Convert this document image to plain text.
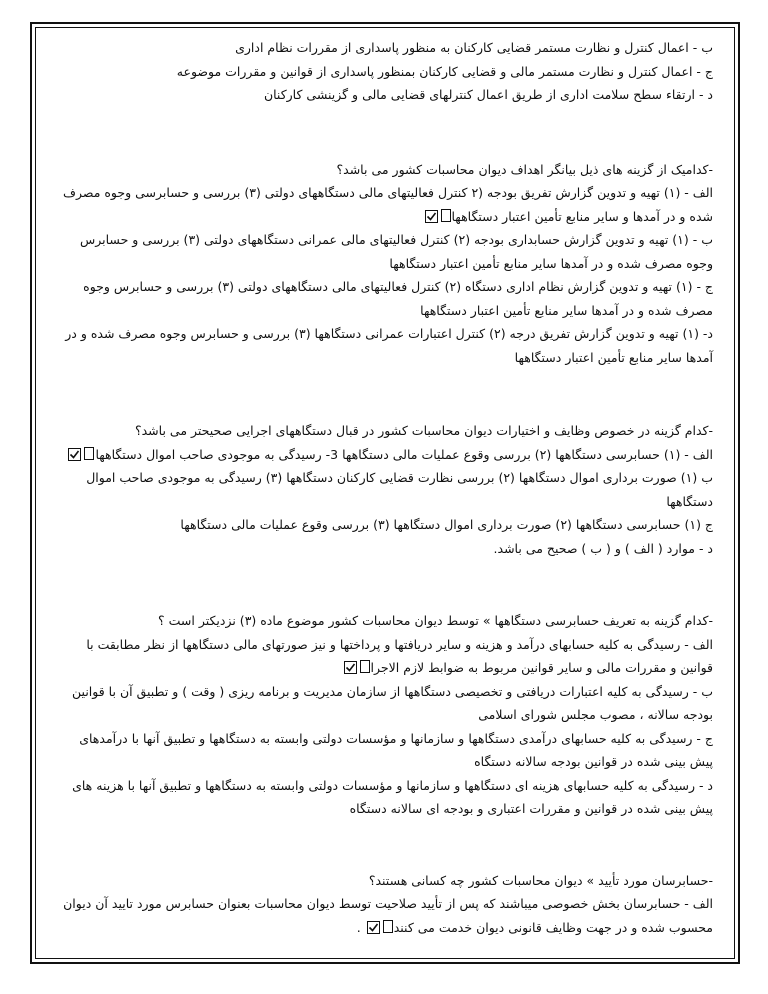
ب - اعمال کنترل و نظارت مستمر قضایی کارکنان به منظور پاسداری از مقررات نظام اداری
ج - اعمال کنترل و نظارت مستمر مالی و قضایی کارکنان بمنظور پاسداری از قوانین و مقررات موضوعه
د - ارتقاء سطح سلامت اداری از طریق اعمال کنترلهای قضایی مالی و گزینشی کارکنان
-کدامیک از گزینه های ذیل بیانگر اهداف دیوان محاسبات کشور می باشد؟
الف - (۱) تهیه و تدوین گزارش تفریق بودجه (۲ کنترل فعالیتهای مالی دستگاههای دولتی (۳) بررسی و حسابرسی وجوه مصرف
شده و در آمدها و سایر منابع تأمین اعتبار دستگاهها
ب - (۱) تهیه و تدوین گزارش حسابداری بودجه (۲) کنترل فعالیتهای مالی عمرانی دستگاههای دولتی (۳) بررسی و حسابرس
وجوه مصرف شده و در آمدها سایر منابع تأمین اعتبار دستگاهها
ج - (۱) تهیه و تدوین گزارش نظام اداری دستگاه (۲) کنترل فعالیتهای مالی دستگاههای دولتی (۳) بررسی و حسابرس وجوه
مصرف شده و در آمدها سایر منابع تأمین اعتبار دستگاهها
د- (۱) تهیه و تدوین گزارش تفریق درجه (۲) کنترل اعتبارات عمرانی دستگاهها (۳) بررسی و حسابرس وجوه مصرف شده و در
آمدها سایر منابع تأمین اعتبار دستگاهها
-کدام گزینه در خصوص وظایف و اختیارات دیوان محاسبات کشور در قبال دستگاههای اجرایی صحیحتر می باشد؟
الف - (۱) حسابرسی دستگاهها (۲) بررسی وقوع عملیات مالی دستگاهها 3- رسیدگی به موجودی صاحب اموال دستگاهها
ب (۱) صورت برداری اموال دستگاهها (۲) بررسی نظارت قضایی کارکنان دستگاهها (۳) رسیدگی به موجودی صاحب اموال
دستگاهها
ج (۱) حسابرسی دستگاهها (۲) صورت برداری اموال دستگاهها (۳) بررسی وقوع عملیات مالی دستگاهها
د - موارد ( الف ) و ( ب ) صحیح می باشد.
-کدام گزینه به تعریف حسابرسی دستگاهها » توسط دیوان محاسبات کشور موضوع ماده (۳) نزدیکتر است ؟
الف - رسیدگی به کلیه حسابهای درآمد و هزینه و سایر دریافتها و پرداختها و نیز صورتهای مالی دستگاهها از نظر مطابقت با
قوانین و مقررات مالی و سایر قوانین مربوط به ضوابط لازم الاجرا
ب - رسیدگی به کلیه اعتبارات دریافتی و تخصیصی دستگاهها از سازمان مدیریت و برنامه ریزی ( وقت ) و تطبیق آن با قوانین
بودجه سالانه ، مصوب مجلس شورای اسلامی
ج - رسیدگی به کلیه حسابهای درآمدی دستگاهها و سازمانها و مؤسسات دولتی وابسته به دستگاهها و تطبیق آنها با درآمدهای
پیش بینی شده در قوانین بودجه سالانه دستگاه
د - رسیدگی به کلیه حسابهای هزینه ای دستگاهها و سازمانها و مؤسسات دولتی وابسته به دستگاهها و تطبیق آنها با هزینه های
پیش بینی شده در قوانین و مقررات اعتباری و بودجه ای سالانه دستگاه
-حسابرسان مورد تأیید » دیوان محاسبات کشور چه کسانی هستند؟
الف - حسابرسان بخش خصوصی میباشند که پس از تأیید صلاحیت توسط دیوان محاسبات بعنوان حسابرس مورد تایید آن دیوان
محسوب شده و در جهت وظایف قانونی دیوان خدمت می کنند .
